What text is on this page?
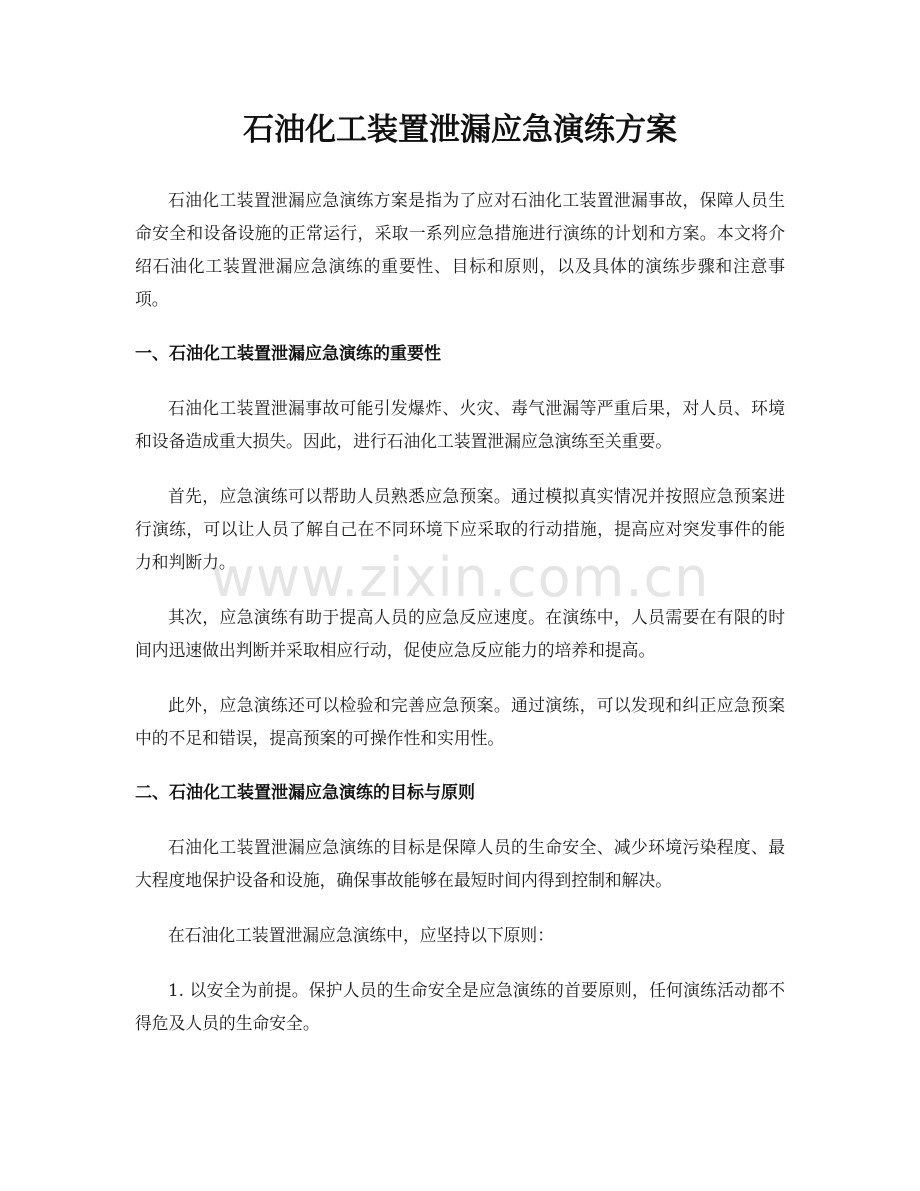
石油化工装置泄漏应急演练方案

石油化工装置泄漏应急演练方案是指为了应对石油化工装置泄漏事故，保障人员生命安全和设备设施的正常运行，采取一系列应急措施进行演练的计划和方案。本文将介绍石油化工装置泄漏应急演练的重要性、目标和原则，以及具体的演练步骤和注意事项。

一、石油化工装置泄漏应急演练的重要性

石油化工装置泄漏事故可能引发爆炸、火灾、毒气泄漏等严重后果，对人员、环境和设备造成重大损失。因此，进行石油化工装置泄漏应急演练至关重要。

首先，应急演练可以帮助人员熟悉应急预案。通过模拟真实情况并按照应急预案进行演练，可以让人员了解自己在不同环境下应采取的行动措施，提高应对突发事件的能力和判断力。

其次，应急演练有助于提高人员的应急反应速度。在演练中，人员需要在有限的时间内迅速做出判断并采取相应行动，促使应急反应能力的培养和提高。

此外，应急演练还可以检验和完善应急预案。通过演练，可以发现和纠正应急预案中的不足和错误，提高预案的可操作性和实用性。

二、石油化工装置泄漏应急演练的目标与原则

石油化工装置泄漏应急演练的目标是保障人员的生命安全、减少环境污染程度、最大程度地保护设备和设施，确保事故能够在最短时间内得到控制和解决。

在石油化工装置泄漏应急演练中，应坚持以下原则：

1. 以安全为前提。保护人员的生命安全是应急演练的首要原则，任何演练活动都不得危及人员的生命安全。

www.zixin.com.cn
